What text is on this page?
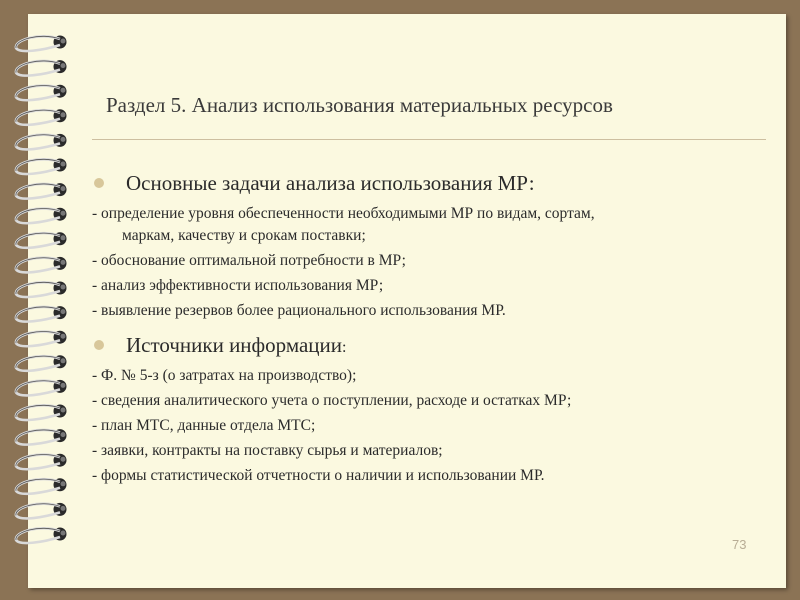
Раздел 5. Анализ использования материальных ресурсов
Основные задачи анализа использования МР:
- определение уровня обеспеченности необходимыми МР по видам, сортам,
маркам, качеству и срокам поставки;
- обоснование оптимальной потребности в МР;
- анализ эффективности использования МР;
- выявление резервов более рационального использования МР.
Источники информации :
- Ф. № 5-з (о затратах на производство);
- сведения аналитического учета о поступлении, расходе и остатках МР;
- план МТС, данные отдела МТС;
- заявки, контракты на поставку сырья и материалов;
- формы статистической отчетности о наличии и использовании МР.
73
